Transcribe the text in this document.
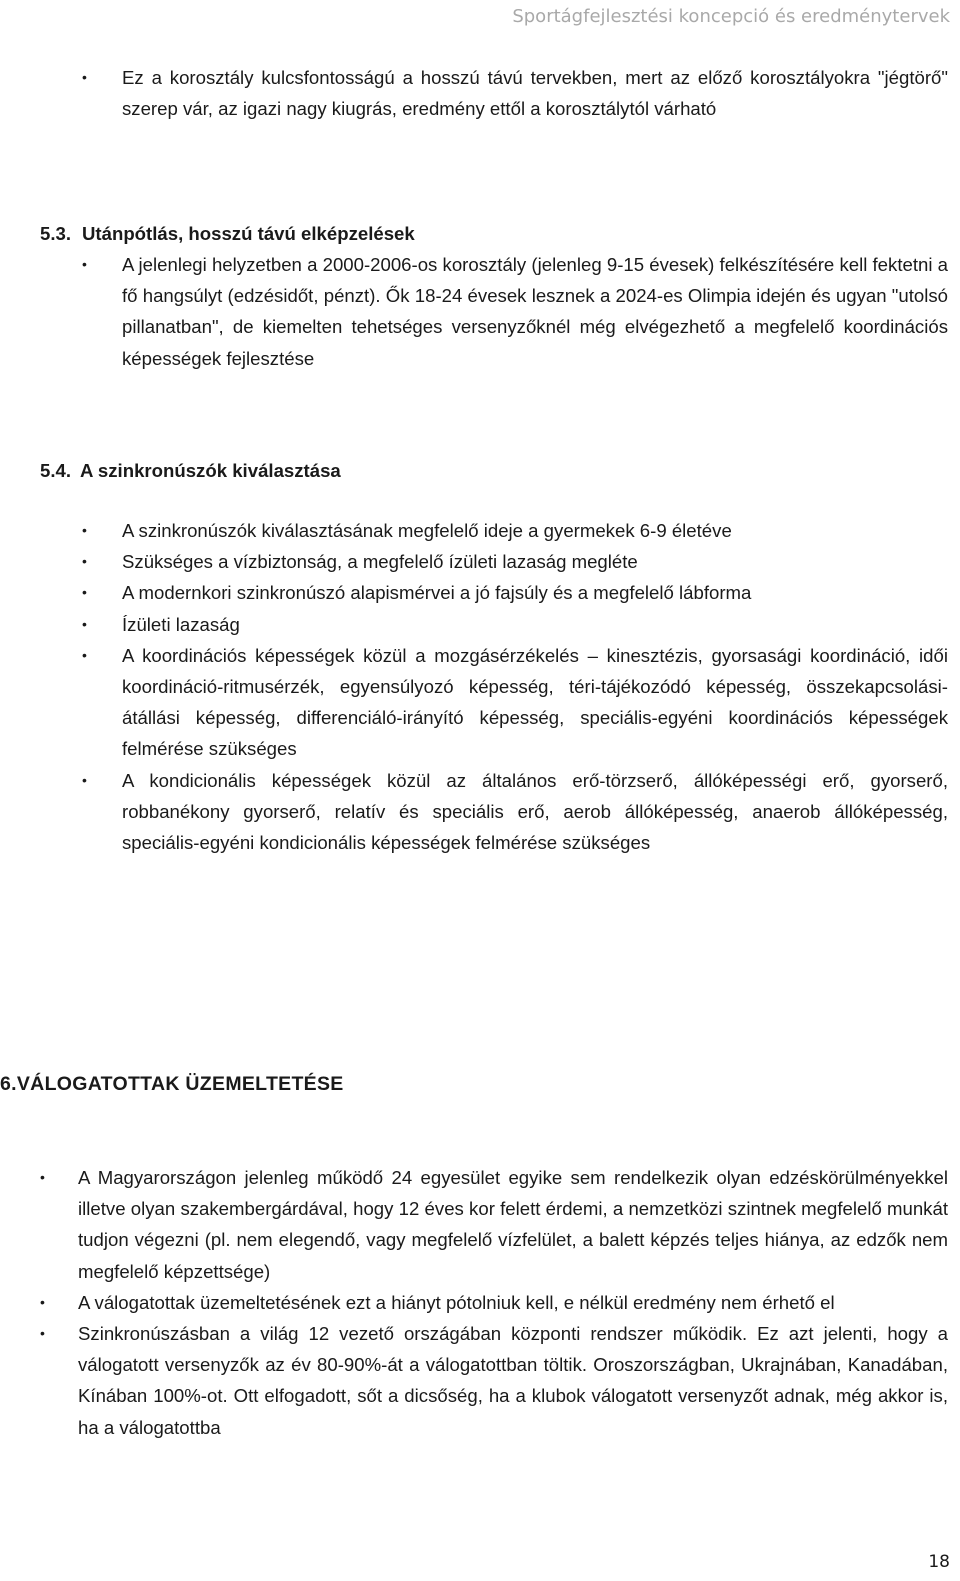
Sportágfejlesztési koncepció és eredménytervek
• Ez a korosztály kulcsfontosságú a hosszú távú tervekben, mert az előző korosztályokra "jégtörő" szerep vár, az igazi nagy kiugrás, eredmény ettől a korosztálytól várható
5.3. Utánpótlás, hosszú távú elképzelések
• A jelenlegi helyzetben a 2000-2006-os korosztály (jelenleg 9-15 évesek) felkészítésére kell fektetni a fő hangsúlyt (edzésidőt, pénzt). Ők 18-24 évesek lesznek a 2024-es Olimpia idején és ugyan "utolsó pillanatban", de kiemelten tehetséges versenyzőknél még elvégezhető a megfelelő koordinációs képességek fejlesztése
5.4. A szinkronúszók kiválasztása
• A szinkronúszók kiválasztásának megfelelő ideje a gyermekek 6-9 életéve
• Szükséges a vízbiztonság, a megfelelő ízületi lazaság megléte
• A modernkori szinkronúszó alapismérvei a jó fajsúly és a megfelelő lábforma
• Ízületi lazaság
• A koordinációs képességek közül a mozgásérzékelés – kinesztézis, gyorsasági koordináció, idői koordináció-ritmusérzék, egyensúlyozó képesség, téri-tájékozódó képesség, összekapcsolási-átállási képesség, differenciáló-irányító képesség, speciális-egyéni koordinációs képességek felmérése szükséges
• A kondicionális képességek közül az általános erő-törzserő, állóképességi erő, gyorserő, robbanékony gyorserő, relatív és speciális erő, aerob állóképesség, anaerob állóképesség, speciális-egyéni kondicionális képességek felmérése szükséges
6.VÁLOGATOTTAK ÜZEMELTETÉSE
• A Magyarországon jelenleg működő 24 egyesület egyike sem rendelkezik olyan edzéskörülményekkel illetve olyan szakembergárdával, hogy 12 éves kor felett érdemi, a nemzetközi szintnek megfelelő munkát tudjon végezni (pl. nem elegendő, vagy megfelelő vízfelület, a balett képzés teljes hiánya, az edzők nem megfelelő képzettsége)
• A válogatottak üzemeltetésének ezt a hiányt pótolniuk kell, e nélkül eredmény nem érhető el
• Szinkronúszásban a világ 12 vezető országában központi rendszer működik. Ez azt jelenti, hogy a válogatott versenyzők az év 80-90%-át a válogatottban töltik. Oroszországban, Ukrajnában, Kanadában, Kínában 100%-ot. Ott elfogadott, sőt a dicsőség, ha a klubok válogatott versenyzőt adnak, még akkor is, ha a válogatottba
18
